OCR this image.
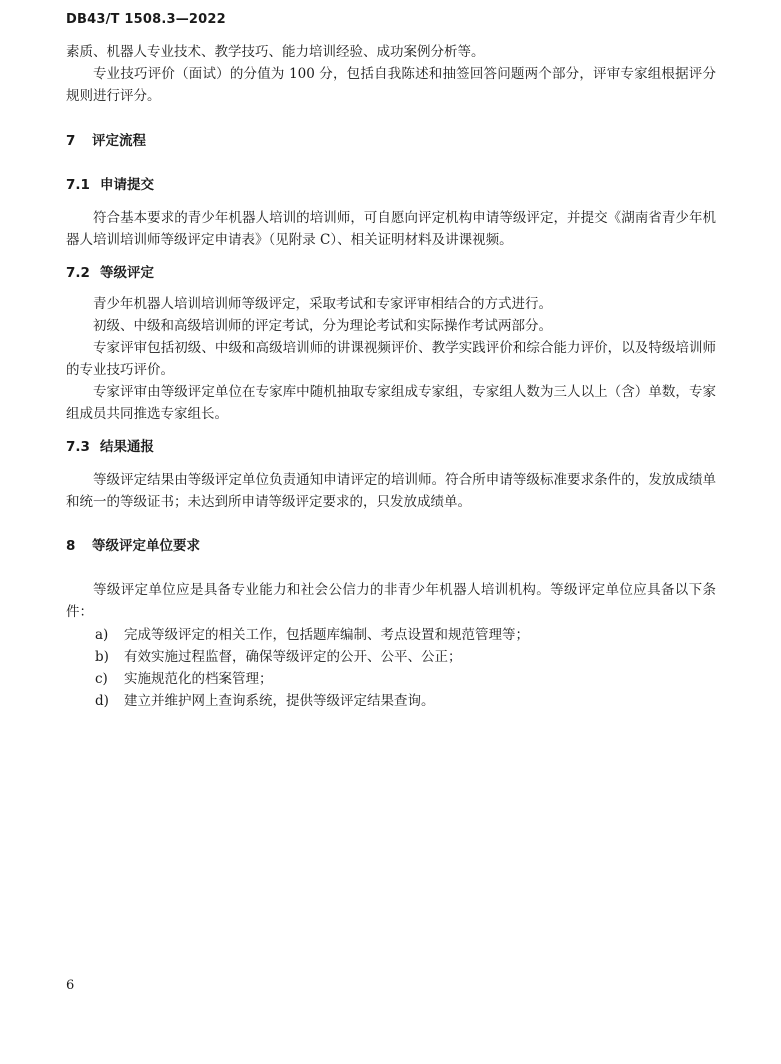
DB43/T 1508.3—2022

素质、机器人专业技术、教学技巧、能力培训经验、成功案例分析等。

专业技巧评价（面试）的分值为 100 分，包括自我陈述和抽签回答问题两个部分，评审专家组根据评分规则进行评分。

7 评定流程
7.1 申请提交

符合基本要求的青少年机器人培训的培训师，可自愿向评定机构申请等级评定，并提交《湖南省青少年机器人培训培训师等级评定申请表》（见附录 C）、相关证明材料及讲课视频。

7.2 等级评定

青少年机器人培训培训师等级评定，采取考试和专家评审相结合的方式进行。

初级、中级和高级培训师的评定考试，分为理论考试和实际操作考试两部分。

专家评审包括初级、中级和高级培训师的讲课视频评价、教学实践评价和综合能力评价，以及特级培训师的专业技巧评价。

专家评审由等级评定单位在专家库中随机抽取专家组成专家组，专家组人数为三人以上（含）单数，专家组成员共同推选专家组长。

7.3 结果通报

等级评定结果由等级评定单位负责通知申请评定的培训师。符合所申请等级标准要求条件的，发放成绩单和统一的等级证书；未达到所申请等级评定要求的，只发放成绩单。

8 等级评定单位要求

等级评定单位应是具备专业能力和社会公信力的非青少年机器人培训机构。等级评定单位应具备以下条件：

a) 完成等级评定的相关工作，包括题库编制、考点设置和规范管理等；
b) 有效实施过程监督，确保等级评定的公开、公平、公正；
c) 实施规范化的档案管理；
d) 建立并维护网上查询系统，提供等级评定结果查询。
6
